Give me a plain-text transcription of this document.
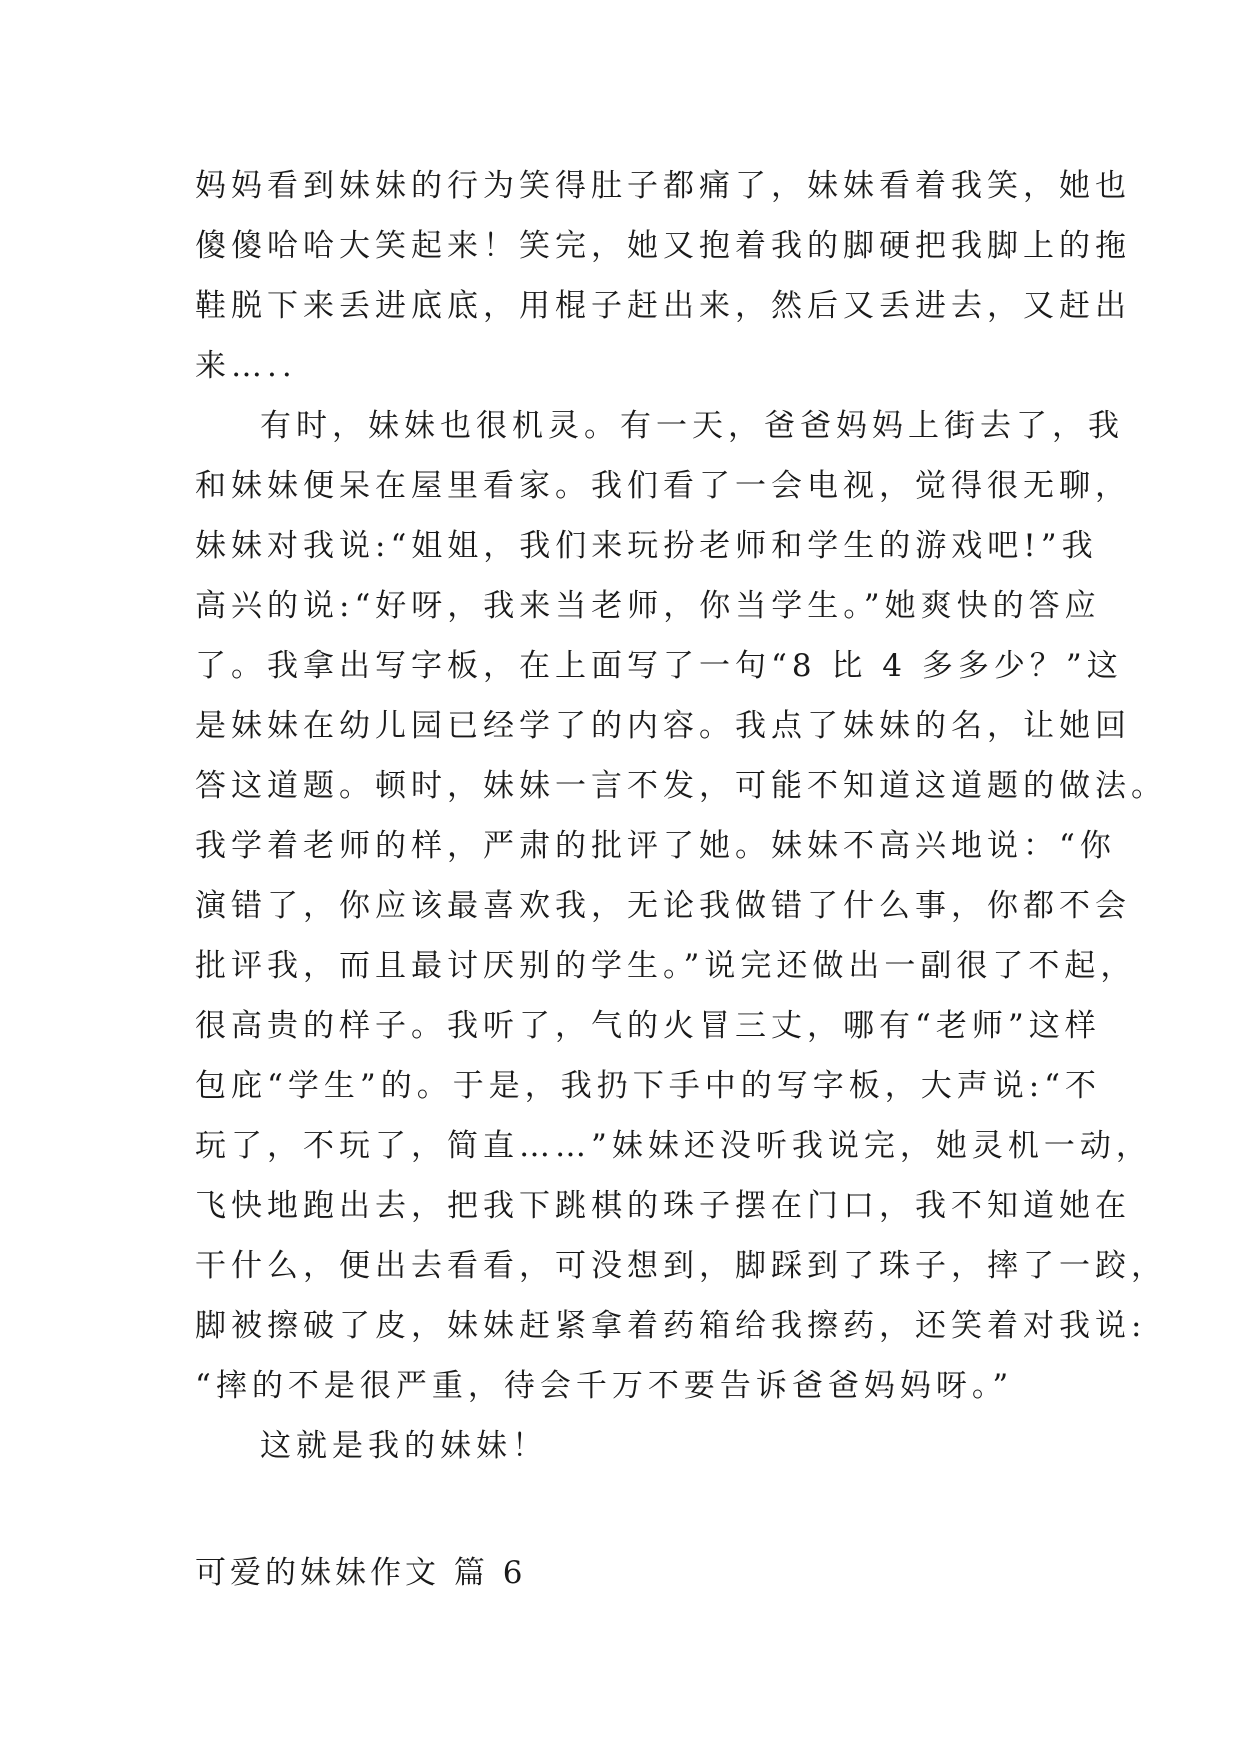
妈妈看到妹妹的行为笑得肚子都痛了，妹妹看着我笑，她也
傻傻哈哈大笑起来！笑完，她又抱着我的脚硬把我脚上的拖
鞋脱下来丢进底底，用棍子赶出来，然后又丢进去，又赶出
来…..
有时，妹妹也很机灵。有一天，爸爸妈妈上街去了，我
和妹妹便呆在屋里看家。我们看了一会电视，觉得很无聊，
妹妹对我说:“姐姐，我们来玩扮老师和学生的游戏吧!”我
高兴的说:“好呀，我来当老师，你当学生。”她爽快的答应
了。我拿出写字板，在上面写了一句“8 比 4 多多少？”这
是妹妹在幼儿园已经学了的内容。我点了妹妹的名，让她回
答这道题。顿时，妹妹一言不发，可能不知道这道题的做法。
我学着老师的样，严肃的批评了她。妹妹不高兴地说：“你
演错了，你应该最喜欢我，无论我做错了什么事，你都不会
批评我，而且最讨厌别的学生。”说完还做出一副很了不起，
很高贵的样子。我听了，气的火冒三丈，哪有“老师”这样
包庇“学生”的。于是，我扔下手中的写字板，大声说:“不
玩了，不玩了，简直……”妹妹还没听我说完，她灵机一动，
飞快地跑出去，把我下跳棋的珠子摆在门口，我不知道她在
干什么，便出去看看，可没想到，脚踩到了珠子，摔了一跤，
脚被擦破了皮，妹妹赶紧拿着药箱给我擦药，还笑着对我说:
“摔的不是很严重，待会千万不要告诉爸爸妈妈呀。”
这就是我的妹妹！
可爱的妹妹作文 篇 6
